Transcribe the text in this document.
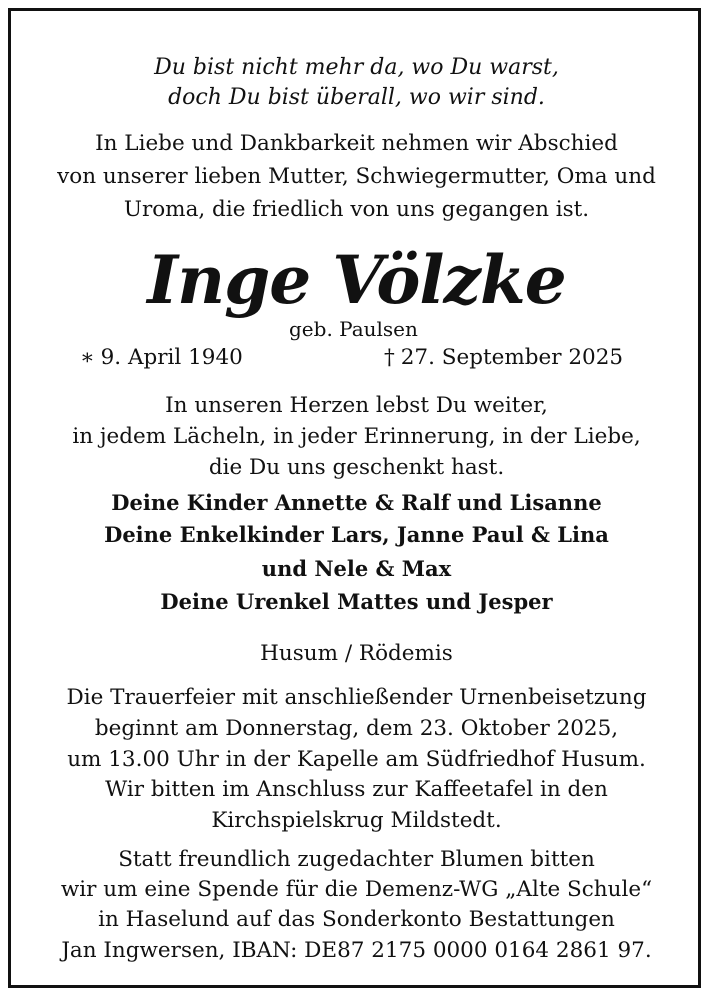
Du bist nicht mehr da, wo Du warst,
doch Du bist überall, wo wir sind.
In Liebe und Dankbarkeit nehmen wir Abschied
von unserer lieben Mutter, Schwiegermutter, Oma und
Uroma, die friedlich von uns gegangen ist.
Inge Völzke
geb. Paulsen
∗ 9. April 1940	† 27. September 2025
In unseren Herzen lebst Du weiter,
in jedem Lächeln, in jeder Erinnerung, in der Liebe,
die Du uns geschenkt hast.
Deine Kinder Annette & Ralf und Lisanne
Deine Enkelkinder Lars, Janne Paul & Lina
und Nele & Max
Deine Urenkel Mattes und Jesper
Husum / Rödemis
Die Trauerfeier mit anschließender Urnenbeisetzung
beginnt am Donnerstag, dem 23. Oktober 2025,
um 13.00 Uhr in der Kapelle am Südfriedhof Husum.
Wir bitten im Anschluss zur Kaffeetafel in den
Kirchspielskrug Mildstedt.
Statt freundlich zugedachter Blumen bitten
wir um eine Spende für die Demenz-WG „Alte Schule“
in Haselund auf das Sonderkonto Bestattungen
Jan Ingwersen, IBAN: DE87 2175 0000 0164 2861 97.
